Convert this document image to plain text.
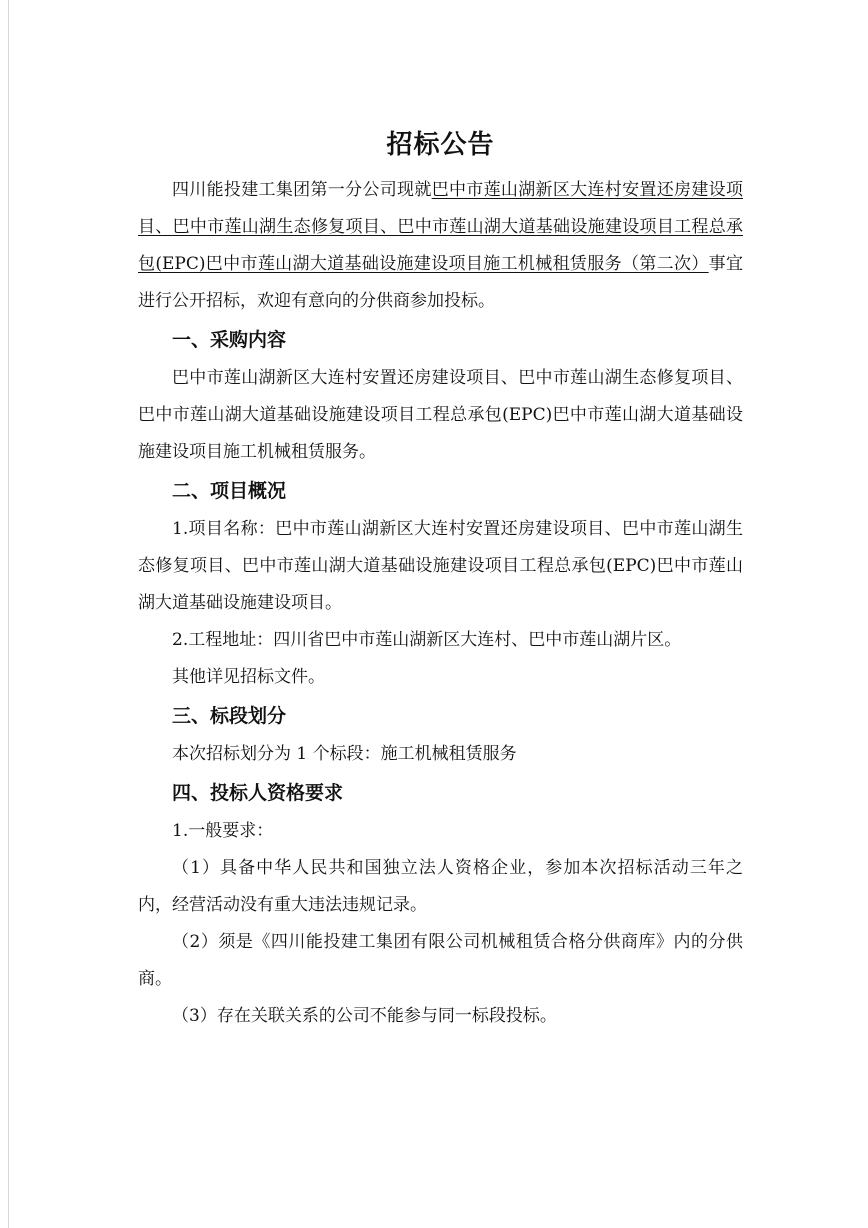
招标公告

四川能投建工集团第一分公司现就巴中市莲山湖新区大连村安置还房建设项目、巴中市莲山湖生态修复项目、巴中市莲山湖大道基础设施建设项目工程总承包(EPC)巴中市莲山湖大道基础设施建设项目施工机械租赁服务（第二次）事宜进行公开招标，欢迎有意向的分供商参加投标。

一、采购内容

巴中市莲山湖新区大连村安置还房建设项目、巴中市莲山湖生态修复项目、巴中市莲山湖大道基础设施建设项目工程总承包(EPC)巴中市莲山湖大道基础设施建设项目施工机械租赁服务。

二、项目概况

1.项目名称：巴中市莲山湖新区大连村安置还房建设项目、巴中市莲山湖生态修复项目、巴中市莲山湖大道基础设施建设项目工程总承包(EPC)巴中市莲山湖大道基础设施建设项目。

2.工程地址：四川省巴中市莲山湖新区大连村、巴中市莲山湖片区。

其他详见招标文件。

三、标段划分

本次招标划分为 1 个标段：施工机械租赁服务

四、投标人资格要求

1.一般要求：

（1）具备中华人民共和国独立法人资格企业，参加本次招标活动三年之内，经营活动没有重大违法违规记录。

（2）须是《四川能投建工集团有限公司机械租赁合格分供商库》内的分供商。

（3）存在关联关系的公司不能参与同一标段投标。
